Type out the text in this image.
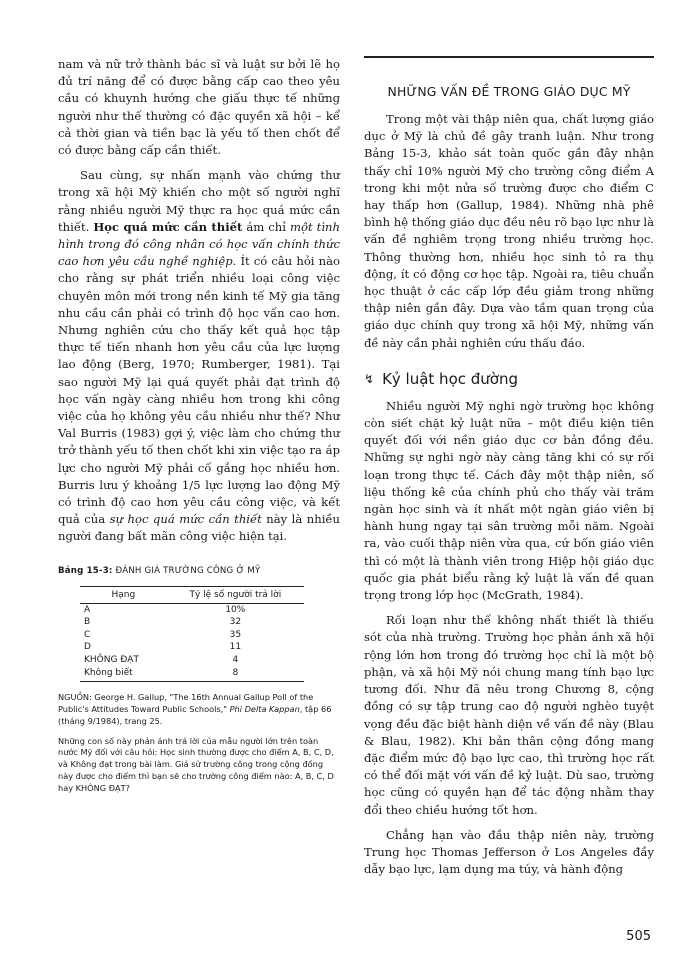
nam và nữ trở thành bác sĩ và luật sư bởi lẽ họ đủ trí năng để có được bằng cấp cao theo yêu cầu có khuynh hướng che giấu thực tế những người như thế thường có đặc quyền xã hội – kể cả thời gian và tiền bạc là yếu tố then chốt để có được bằng cấp cần thiết.

Sau cùng, sự nhấn mạnh vào chứng thư trong xã hội Mỹ khiến cho một số người nghĩ rằng nhiều người Mỹ thực ra học quá mức cần thiết. Học quá mức cần thiết ám chỉ một tình hình trong đó công nhân có học vấn chính thức cao hơn yêu cầu nghề nghiệp. Ít có câu hỏi nào cho rằng sự phát triển nhiều loại công việc chuyên môn mới trong nền kinh tế Mỹ gia tăng nhu cầu cần phải có trình độ học vấn cao hơn. Nhưng nghiên cứu cho thấy kết quả học tập thực tế tiến nhanh hơn yêu cầu của lực lượng lao động (Berg, 1970; Rumberger, 1981). Tại sao người Mỹ lại quá quyết phải đạt trình độ học vấn ngày càng nhiều hơn trong khi công việc của họ không yêu cầu nhiều như thế? Như Val Burris (1983) gợi ý, việc làm cho chứng thư trở thành yếu tố then chốt khi xin việc tạo ra áp lực cho người Mỹ phải cố gắng học nhiều hơn. Burris lưu ý khoảng 1/5 lực lượng lao động Mỹ có trình độ cao hơn yêu cầu công việc, và kết quả của sự học quá mức cần thiết này là nhiều người đang bất mãn công việc hiện tại.

Bảng 15-3: ĐÁNH GIÁ TRƯỜNG CÔNG Ở MỸ
Hạng	Tỷ lệ số người trả lời
A	10%
B	32
C	35
D	11
KHÔNG ĐẠT	4
Không biết	8

NGUỒN: George H. Gallup, "The 16th Annual Gallup Poll of the Public's Attitudes Toward Public Schools," Phi Delta Kappan, tập 66 (tháng 9/1984), trang 25.

Những con số này phản ánh trả lời của mẫu người lớn trên toàn nước Mỹ đối với câu hỏi: Học sinh thường được cho điểm A, B, C, D, và Không đạt trong bài làm. Giả sử trường công trong cộng đồng này được cho điểm thì bạn sẽ cho trường công điểm nào: A, B, C, D hay KHÔNG ĐẠT?

NHỮNG VẤN ĐỀ TRONG GIÁO DỤC MỸ

Trong một vài thập niên qua, chất lượng giáo dục ở Mỹ là chủ đề gây tranh luận. Như trong Bảng 15-3, khảo sát toàn quốc gần đây nhận thấy chỉ 10% người Mỹ cho trường công điểm A trong khi một nửa số trường được cho điểm C hay thấp hơn (Gallup, 1984). Những nhà phê bình hệ thống giáo dục đều nêu rõ bạo lực như là vấn đề nghiêm trọng trong nhiều trường học. Thông thường hơn, nhiều học sinh tỏ ra thụ động, ít có động cơ học tập. Ngoài ra, tiêu chuẩn học thuật ở các cấp lớp đều giảm trong những thập niên gần đây. Dựa vào tầm quan trọng của giáo dục chính quy trong xã hội Mỹ, những vấn đề này cần phải nghiên cứu thấu đáo.

↯ Kỷ luật học đường

Nhiều người Mỹ nghi ngờ trường học không còn siết chặt kỷ luật nữa – một điều kiện tiên quyết đối với nền giáo dục cơ bản đồng đều. Những sự nghi ngờ này càng tăng khi có sự rối loạn trong thực tế. Cách đây một thập niên, số liệu thống kê của chính phủ cho thấy vài trăm ngàn học sinh và ít nhất một ngàn giáo viên bị hành hung ngay tại sân trường mỗi năm. Ngoài ra, vào cuối thập niên vừa qua, cứ bốn giáo viên thì có một là thành viên trong Hiệp hội giáo dục quốc gia phát biểu rằng kỷ luật là vấn đề quan trọng trong lớp học (McGrath, 1984).

Rối loạn như thế không nhất thiết là thiếu sót của nhà trường. Trường học phản ánh xã hội rộng lớn hơn trong đó trường học chỉ là một bộ phận, và xã hội Mỹ nói chung mang tính bạo lực tương đối. Như đã nêu trong Chương 8, cộng đồng có sự tập trung cao độ người nghèo tuyệt vọng đều đặc biệt hành diện về vấn đề này (Blau & Blau, 1982). Khi bản thân cộng đồng mang đặc điểm mức độ bạo lực cao, thì trường học rất có thể đối mặt với vấn đề kỷ luật. Dù sao, trường học cũng có quyền hạn để tác động nhằm thay đổi theo chiều hướng tốt hơn.

Chẳng hạn vào đầu thập niên này, trường Trung học Thomas Jefferson ở Los Angeles đầy dẫy bạo lực, lạm dụng ma túy, và hành động

505
